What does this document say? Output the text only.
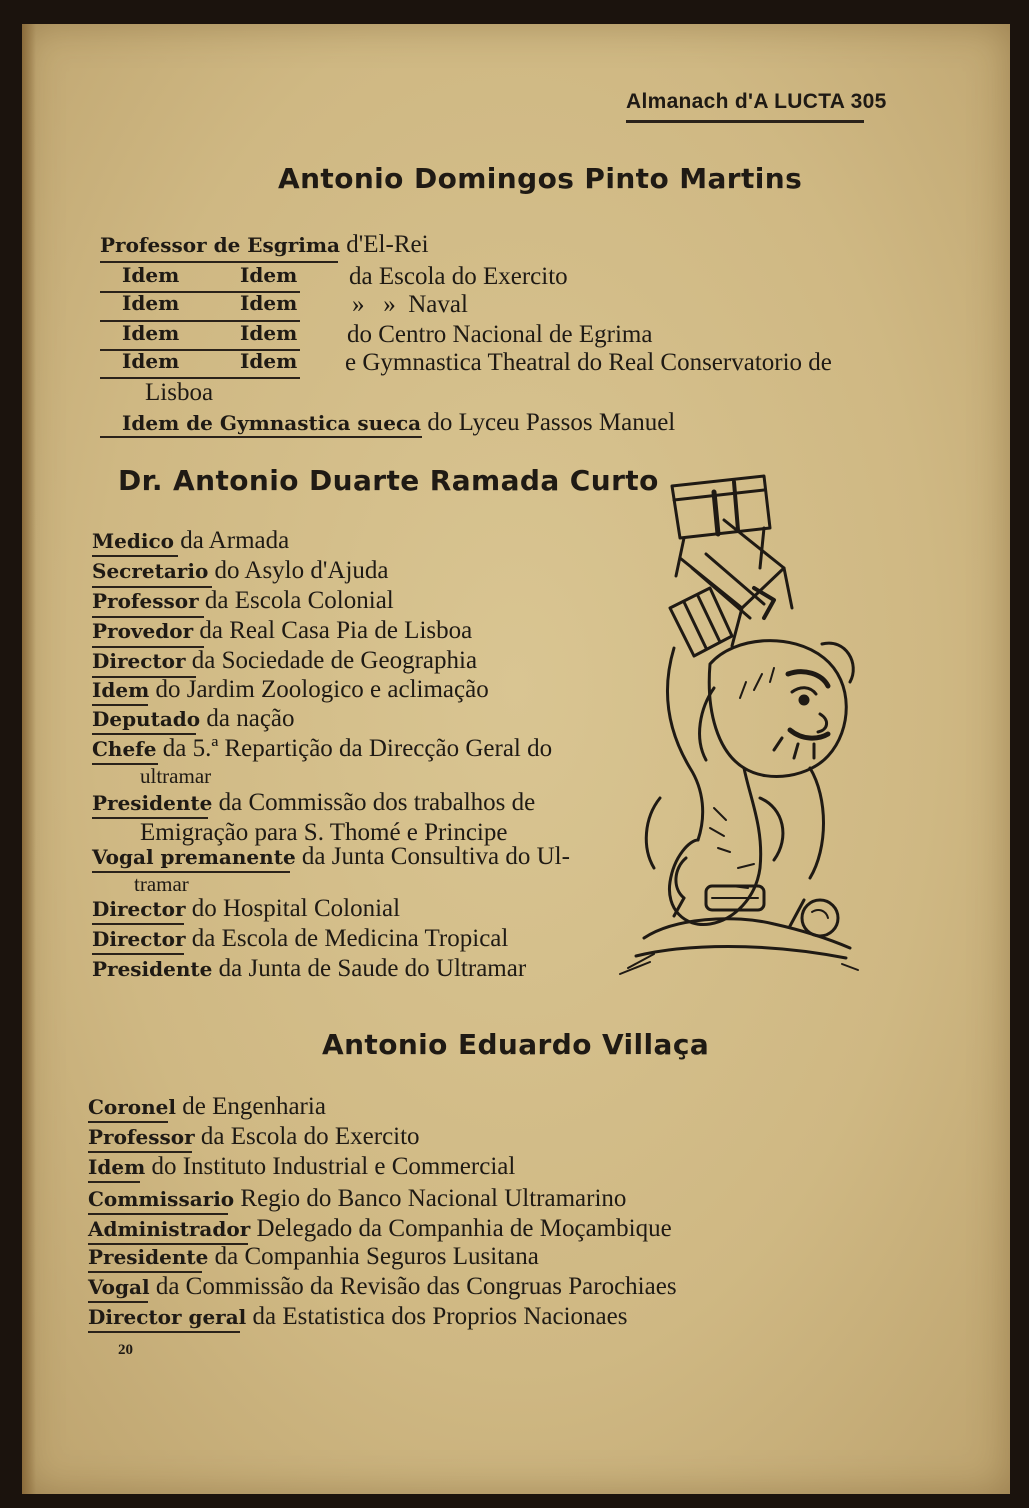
Almanach d'A LUCTA 305
Antonio Domingos Pinto Martins
Professor de Esgrima d'El-Rei
Idem	Idem da Escola do Exercito
Idem	Idem »   »  Naval
Idem	Idem do Centro Nacional de Egrima
Idem	Idem e Gymnastica Theatral do Real Conservatorio de
Lisboa
Idem de Gymnastica sueca do Lyceu Passos Manuel
Dr. Antonio Duarte Ramada Curto
Medico da Armada
Secretario do Asylo d'Ajuda
Professor da Escola Colonial
Provedor da Real Casa Pia de Lisboa
Director da Sociedade de Geographia
Idem do Jardim Zoologico e aclimação
Deputado da nação
Chefe da 5.ª Repartição da Direcção Geral do
ultramar
Presidente da Commissão dos trabalhos de
Emigração para S. Thomé e Principe
Vogal premanente da Junta Consultiva do Ul-
tramar
Director do Hospital Colonial
Director da Escola de Medicina Tropical
Presidente da Junta de Saude do Ultramar
Antonio Eduardo Villaça
Coronel de Engenharia
Professor da Escola do Exercito
Idem do Instituto Industrial e Commercial
Commissario Regio do Banco Nacional Ultramarino
Administrador Delegado da Companhia de Moçambique
Presidente da Companhia Seguros Lusitana
Vogal da Commissão da Revisão das Congruas Parochiaes
Director geral da Estatistica dos Proprios Nacionaes
20
